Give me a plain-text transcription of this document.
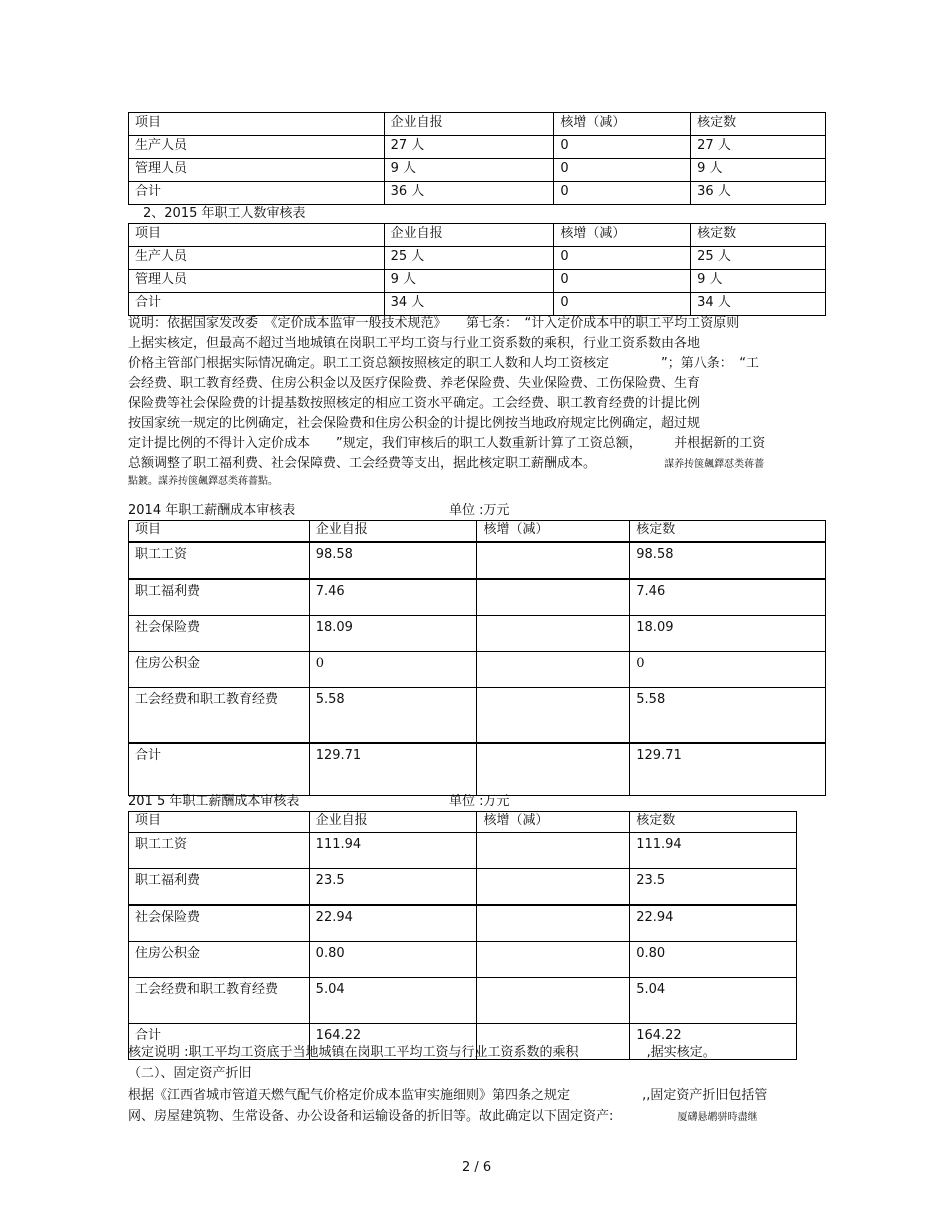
项目	企业自报	核增（减）	核定数
生产人员	27 人	0	27 人
管理人员	9 人	0	9 人
合计	36 人	0	36 人
2、2015 年职工人数审核表
项目	企业自报	核增（减）	核定数
生产人员	25 人	0	25 人
管理人员	9 人	0	9 人
合计	34 人	0	34 人
说明：依据国家发改委　《定价成本监审一般技术规范》　　第七条：　“计入定价成本中的职工平均工资原则
上据实核定，但最高不超过当地城镇在岗职工平均工资与行业工资系数的乘积，行业工资系数由各地
价格主管部门根据实际情况确定。职工工资总额按照核定的职工人数和人均工资核定　　　　”；第八条：　“工
会经费、职工教育经费、住房公积金以及医疗保险费、养老保险费、失业保险费、工伤保险费、生育
保险费等社会保险费的计提基数按照核定的相应工资水平确定。工会经费、职工教育经费的计提比例
按国家统一规定的比例确定，社会保险费和住房公积金的计提比例按当地政府规定比例确定，超过规
定计提比例的不得计入定价成本　　”规定，我们审核后的职工人数重新计算了工资总额，　　　并根据新的工资
总额调整了职工福利费、社会保障费、工会经费等支出，据此核定职工薪酬成本。	謀养抟箧飆鐸怼类蒋薔
點鍍。謀养抟箧飆鐸怼类蒋薔點。
2014 年职工薪酬成本审核表	单位 :万元
项目	企业自报	核增（减）	核定数
职工工资	98.58		98.58
职工福利费	7.46		7.46
社会保险费	18.09		18.09
住房公积金	0		0
工会经费和职工教育经费	5.58		5.58
合计	129.71		129.71
201 5 年职工薪酬成本审核表	单位 :万元
项目	企业自报	核增（减）	核定数
职工工资	111.94		111.94
职工福利费	23.5		23.5
社会保险费	22.94		22.94
住房公积金	0.80		0.80
工会经费和职工教育经费	5.04		5.04
合计	164.22		164.22
核定说明 :职工平均工资底于当地城镇在岗职工平均工资与行业工资系数的乘积	,据实核定。
（二）、固定资产折旧
根据《江西省城市管道天燃气配气价格定价成本监审实施细则》第四条之规定	,,固定资产折旧包括管
网、房屋建筑物、生常设备、办公设备和运输设备的折旧等。故此确定以下固定资产:	厦礴悬鹕骈時盡继
2 / 6
